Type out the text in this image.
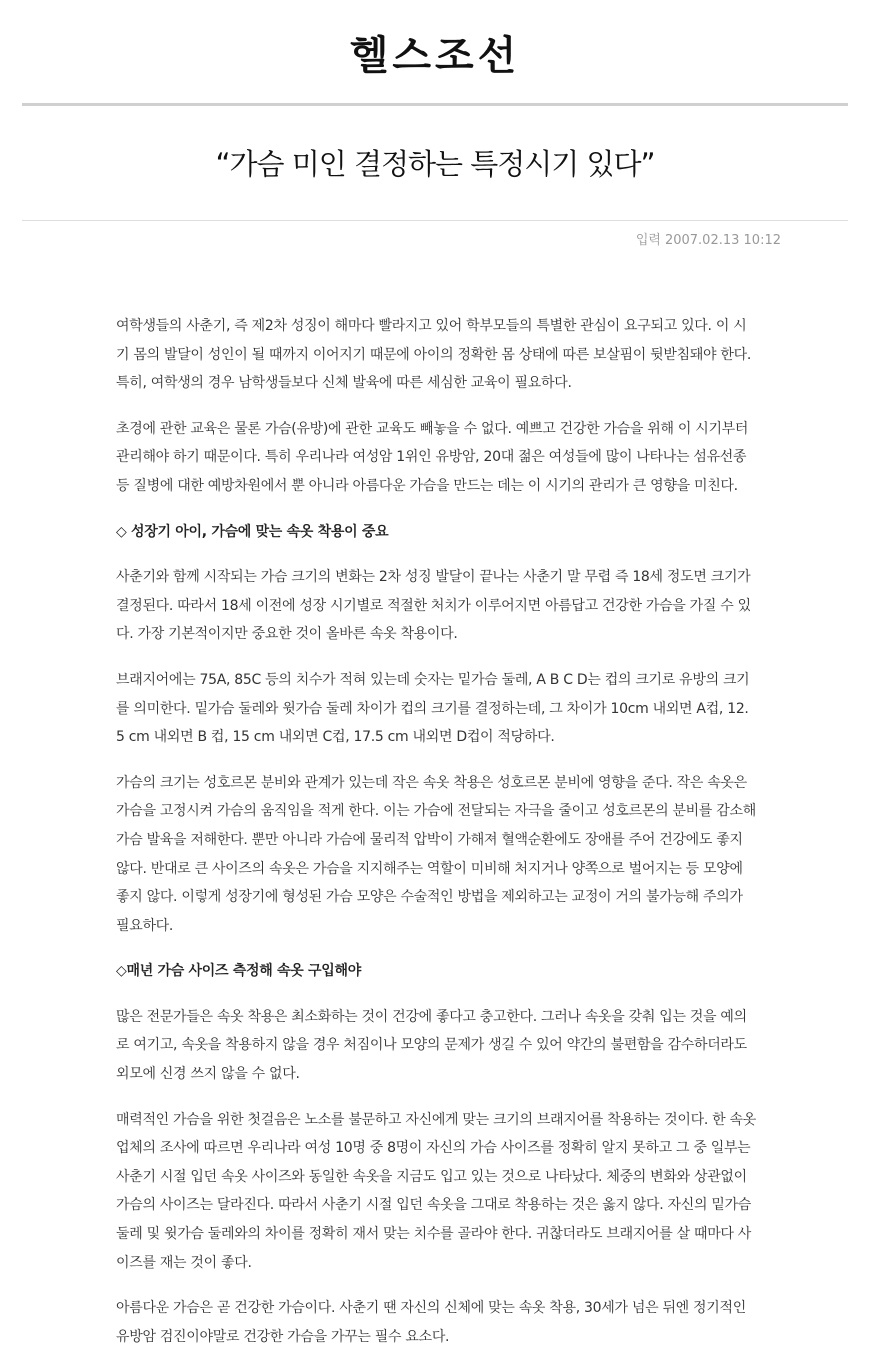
헬스조선
“가슴 미인 결정하는 특정시기 있다”
입력 2007.02.13 10:12

여학생들의 사춘기, 즉 제2차 성징이 해마다 빨라지고 있어 학부모들의 특별한 관심이 요구되고 있다. 이 시기 몸의 발달이 성인이 될 때까지 이어지기 때문에 아이의 정확한 몸 상태에 따른 보살핌이 뒷받침돼야 한다. 특히, 여학생의 경우 남학생들보다 신체 발육에 따른 세심한 교육이 필요하다.

초경에 관한 교육은 물론 가슴(유방)에 관한 교육도 빼놓을 수 없다. 예쁘고 건강한 가슴을 위해 이 시기부터 관리해야 하기 때문이다. 특히 우리나라 여성암 1위인 유방암, 20대 젊은 여성들에 많이 나타나는 섬유선종 등 질병에 대한 예방차원에서 뿐 아니라 아름다운 가슴을 만드는 데는 이 시기의 관리가 큰 영향을 미친다.

◇ 성장기 아이, 가슴에 맞는 속옷 착용이 중요

사춘기와 함께 시작되는 가슴 크기의 변화는 2차 성징 발달이 끝나는 사춘기 말 무렵 즉 18세 정도면 크기가 결정된다. 따라서 18세 이전에 성장 시기별로 적절한 처치가 이루어지면 아름답고 건강한 가슴을 가질 수 있다. 가장 기본적이지만 중요한 것이 올바른 속옷 착용이다.

브래지어에는 75A, 85C 등의 치수가 적혀 있는데 숫자는 밑가슴 둘레, A B C D는 컵의 크기로 유방의 크기를 의미한다. 밑가슴 둘레와 윗가슴 둘레 차이가 컵의 크기를 결정하는데, 그 차이가 10cm 내외면 A컵, 12.5 cm 내외면 B 컵, 15 cm 내외면 C컵, 17.5 cm 내외면 D컵이 적당하다.

가슴의 크기는 성호르몬 분비와 관계가 있는데 작은 속옷 착용은 성호르몬 분비에 영향을 준다. 작은 속옷은 가슴을 고정시켜 가슴의 움직임을 적게 한다. 이는 가슴에 전달되는 자극을 줄이고 성호르몬의 분비를 감소해 가슴 발육을 저해한다. 뿐만 아니라 가슴에 물리적 압박이 가해져 혈액순환에도 장애를 주어 건강에도 좋지 않다. 반대로 큰 사이즈의 속옷은 가슴을 지지해주는 역할이 미비해 처지거나 양쪽으로 벌어지는 등 모양에 좋지 않다. 이렇게 성장기에 형성된 가슴 모양은 수술적인 방법을 제외하고는 교정이 거의 불가능해 주의가 필요하다.

◇매년 가슴 사이즈 측정해 속옷 구입해야

많은 전문가들은 속옷 착용은 최소화하는 것이 건강에 좋다고 충고한다. 그러나 속옷을 갖춰 입는 것을 예의로 여기고, 속옷을 착용하지 않을 경우 처짐이나 모양의 문제가 생길 수 있어 약간의 불편함을 감수하더라도 외모에 신경 쓰지 않을 수 없다.

매력적인 가슴을 위한 첫걸음은 노소를 불문하고 자신에게 맞는 크기의 브래지어를 착용하는 것이다. 한 속옷 업체의 조사에 따르면 우리나라 여성 10명 중 8명이 자신의 가슴 사이즈를 정확히 알지 못하고 그 중 일부는 사춘기 시절 입던 속옷 사이즈와 동일한 속옷을 지금도 입고 있는 것으로 나타났다. 체중의 변화와 상관없이 가슴의 사이즈는 달라진다. 따라서 사춘기 시절 입던 속옷을 그대로 착용하는 것은 옳지 않다. 자신의 밑가슴 둘레 및 윗가슴 둘레와의 차이를 정확히 재서 맞는 치수를 골라야 한다. 귀찮더라도 브래지어를 살 때마다 사이즈를 재는 것이 좋다.

아름다운 가슴은 곧 건강한 가슴이다. 사춘기 땐 자신의 신체에 맞는 속옷 착용, 30세가 넘은 뒤엔 정기적인 유방암 검진이야말로 건강한 가슴을 가꾸는 필수 요소다.
